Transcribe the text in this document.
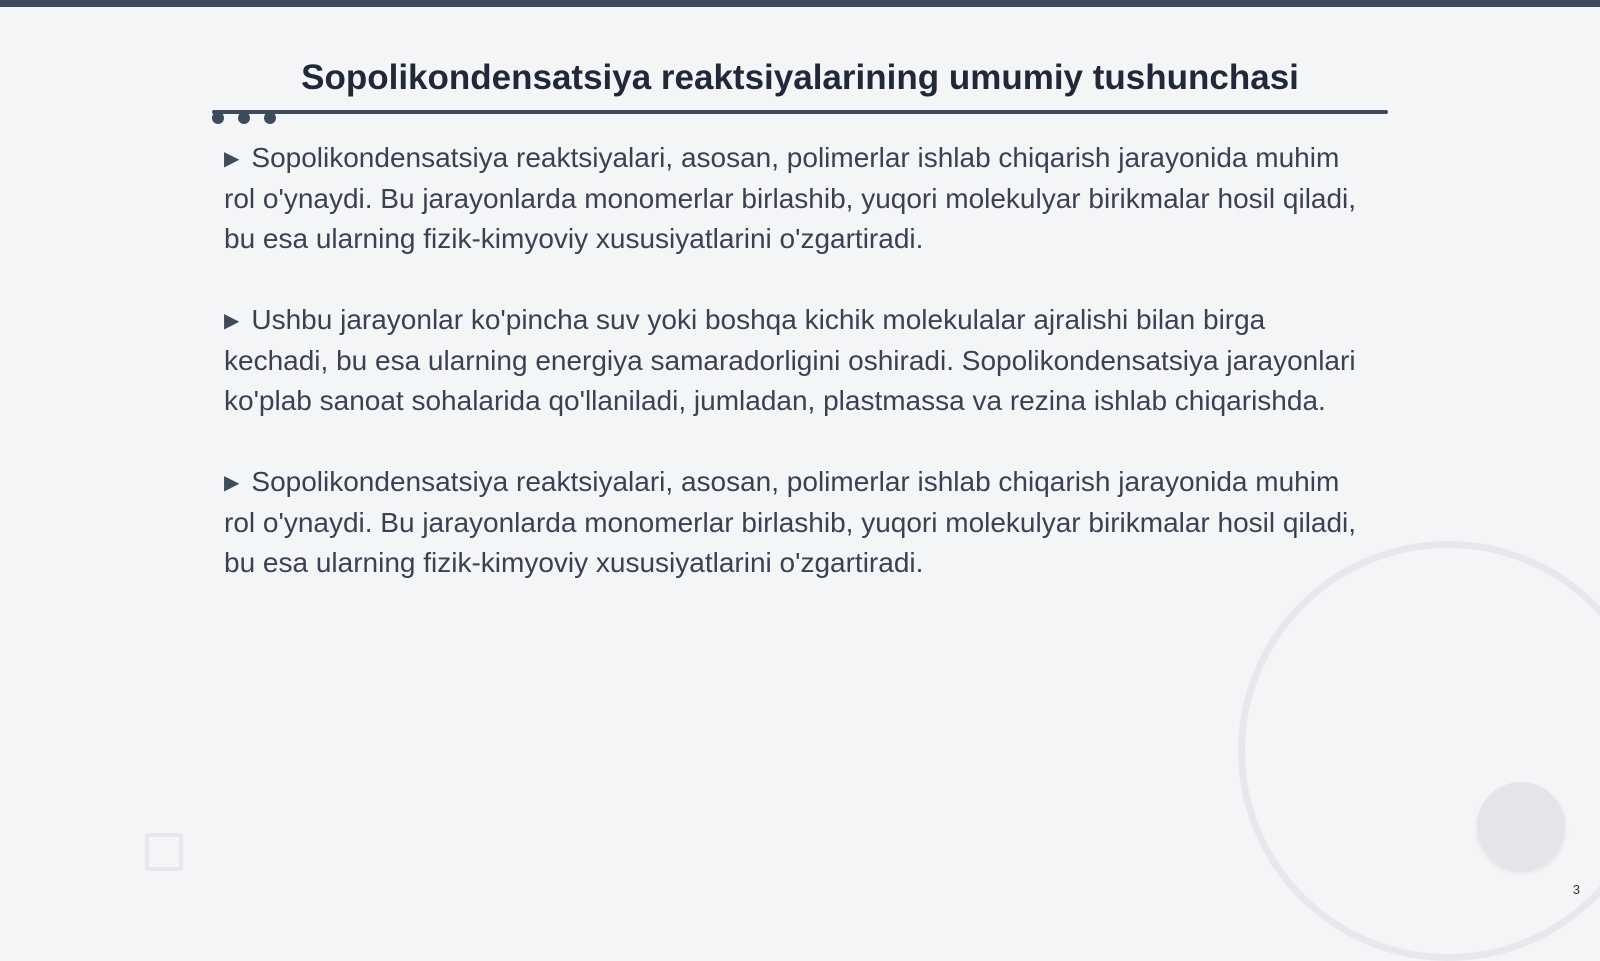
Sopolikondensatsiya reaktsiyalarining umumiy tushunchasi
▶ Sopolikondensatsiya reaktsiyalari, asosan, polimerlar ishlab chiqarish jarayonida muhim rol o'ynaydi. Bu jarayonlarda monomerlar birlashib, yuqori molekulyar birikmalar hosil qiladi, bu esa ularning fizik-kimyoviy xususiyatlarini o'zgartiradi.
▶ Ushbu jarayonlar ko'pincha suv yoki boshqa kichik molekulalar ajralishi bilan birga kechadi, bu esa ularning energiya samaradorligini oshiradi. Sopolikondensatsiya jarayonlari ko'plab sanoat sohalarida qo'llaniladi, jumladan, plastmassa va rezina ishlab chiqarishda.
▶ Sopolikondensatsiya reaktsiyalari, asosan, polimerlar ishlab chiqarish jarayonida muhim rol o'ynaydi. Bu jarayonlarda monomerlar birlashib, yuqori molekulyar birikmalar hosil qiladi, bu esa ularning fizik-kimyoviy xususiyatlarini o'zgartiradi.
3
